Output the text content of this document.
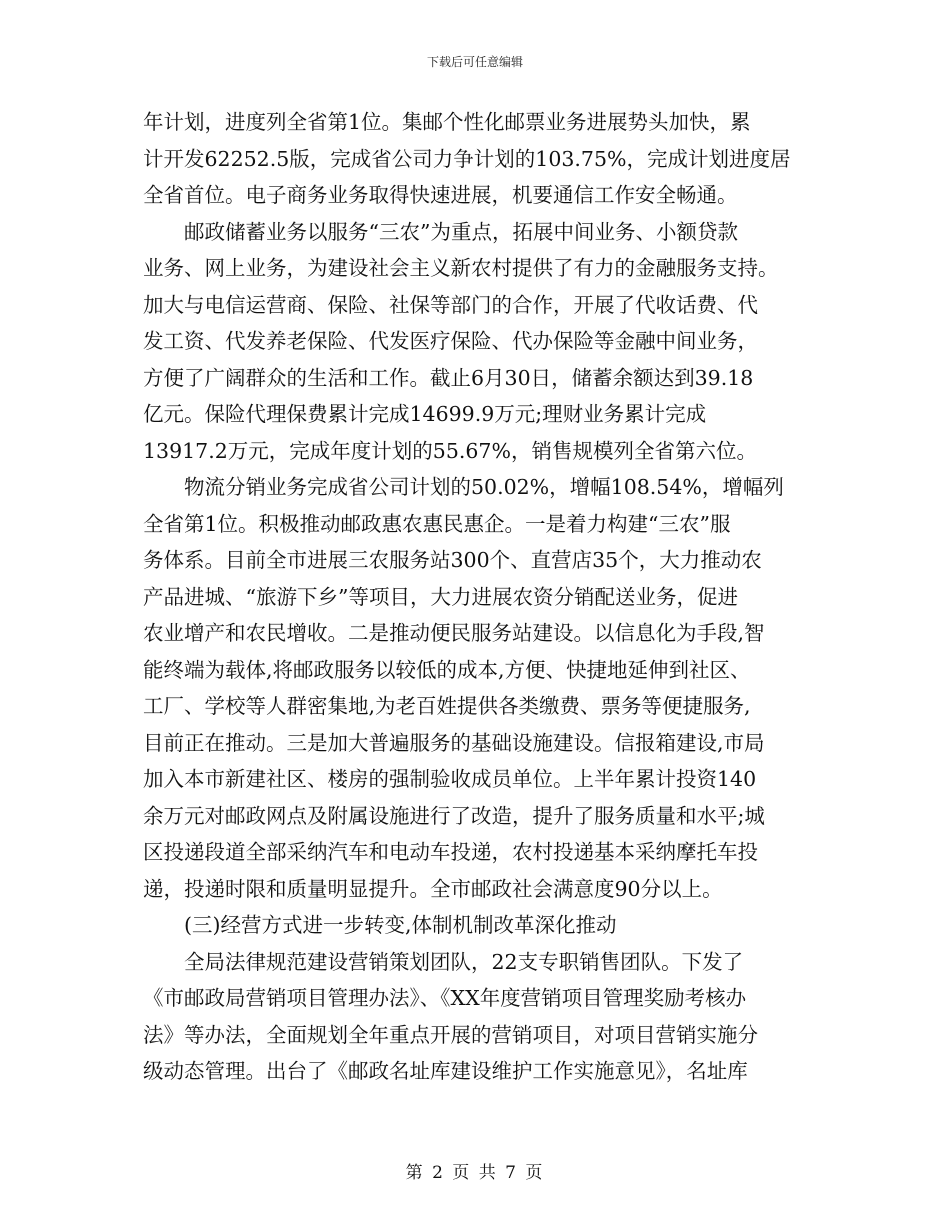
下载后可任意编辑
年计划，进度列全省第1位。集邮个性化邮票业务进展势头加快，累
计开发62252.5版，完成省公司力争计划的103.75%，完成计划进度居
全省首位。电子商务业务取得快速进展，机要通信工作安全畅通。
邮政储蓄业务以服务“三农”为重点，拓展中间业务、小额贷款
业务、网上业务，为建设社会主义新农村提供了有力的金融服务支持。
加大与电信运营商、保险、社保等部门的合作，开展了代收话费、代
发工资、代发养老保险、代发医疗保险、代办保险等金融中间业务，
方便了广阔群众的生活和工作。截止6月30日，储蓄余额达到39.18
亿元。保险代理保费累计完成14699.9万元;理财业务累计完成
13917.2万元，完成年度计划的55.67%，销售规模列全省第六位。
物流分销业务完成省公司计划的50.02%，增幅108.54%，增幅列
全省第1位。积极推动邮政惠农惠民惠企。一是着力构建“三农”服
务体系。目前全市进展三农服务站300个、直营店35个，大力推动农
产品进城、“旅游下乡”等项目，大力进展农资分销配送业务，促进
农业增产和农民增收。二是推动便民服务站建设。以信息化为手段,智
能终端为载体,将邮政服务以较低的成本,方便、快捷地延伸到社区、
工厂、学校等人群密集地,为老百姓提供各类缴费、票务等便捷服务,
目前正在推动。三是加大普遍服务的基础设施建设。信报箱建设,市局
加入本市新建社区、楼房的强制验收成员单位。上半年累计投资140
余万元对邮政网点及附属设施进行了改造，提升了服务质量和水平;城
区投递段道全部采纳汽车和电动车投递，农村投递基本采纳摩托车投
递，投递时限和质量明显提升。全市邮政社会满意度90分以上。
(三)经营方式进一步转变,体制机制改革深化推动
全局法律规范建设营销策划团队，22支专职销售团队。下发了
《市邮政局营销项目管理办法》、《XX年度营销项目管理奖励考核办
法》等办法，全面规划全年重点开展的营销项目，对项目营销实施分
级动态管理。出台了《邮政名址库建设维护工作实施意见》，名址库
第 2 页 共 7 页
